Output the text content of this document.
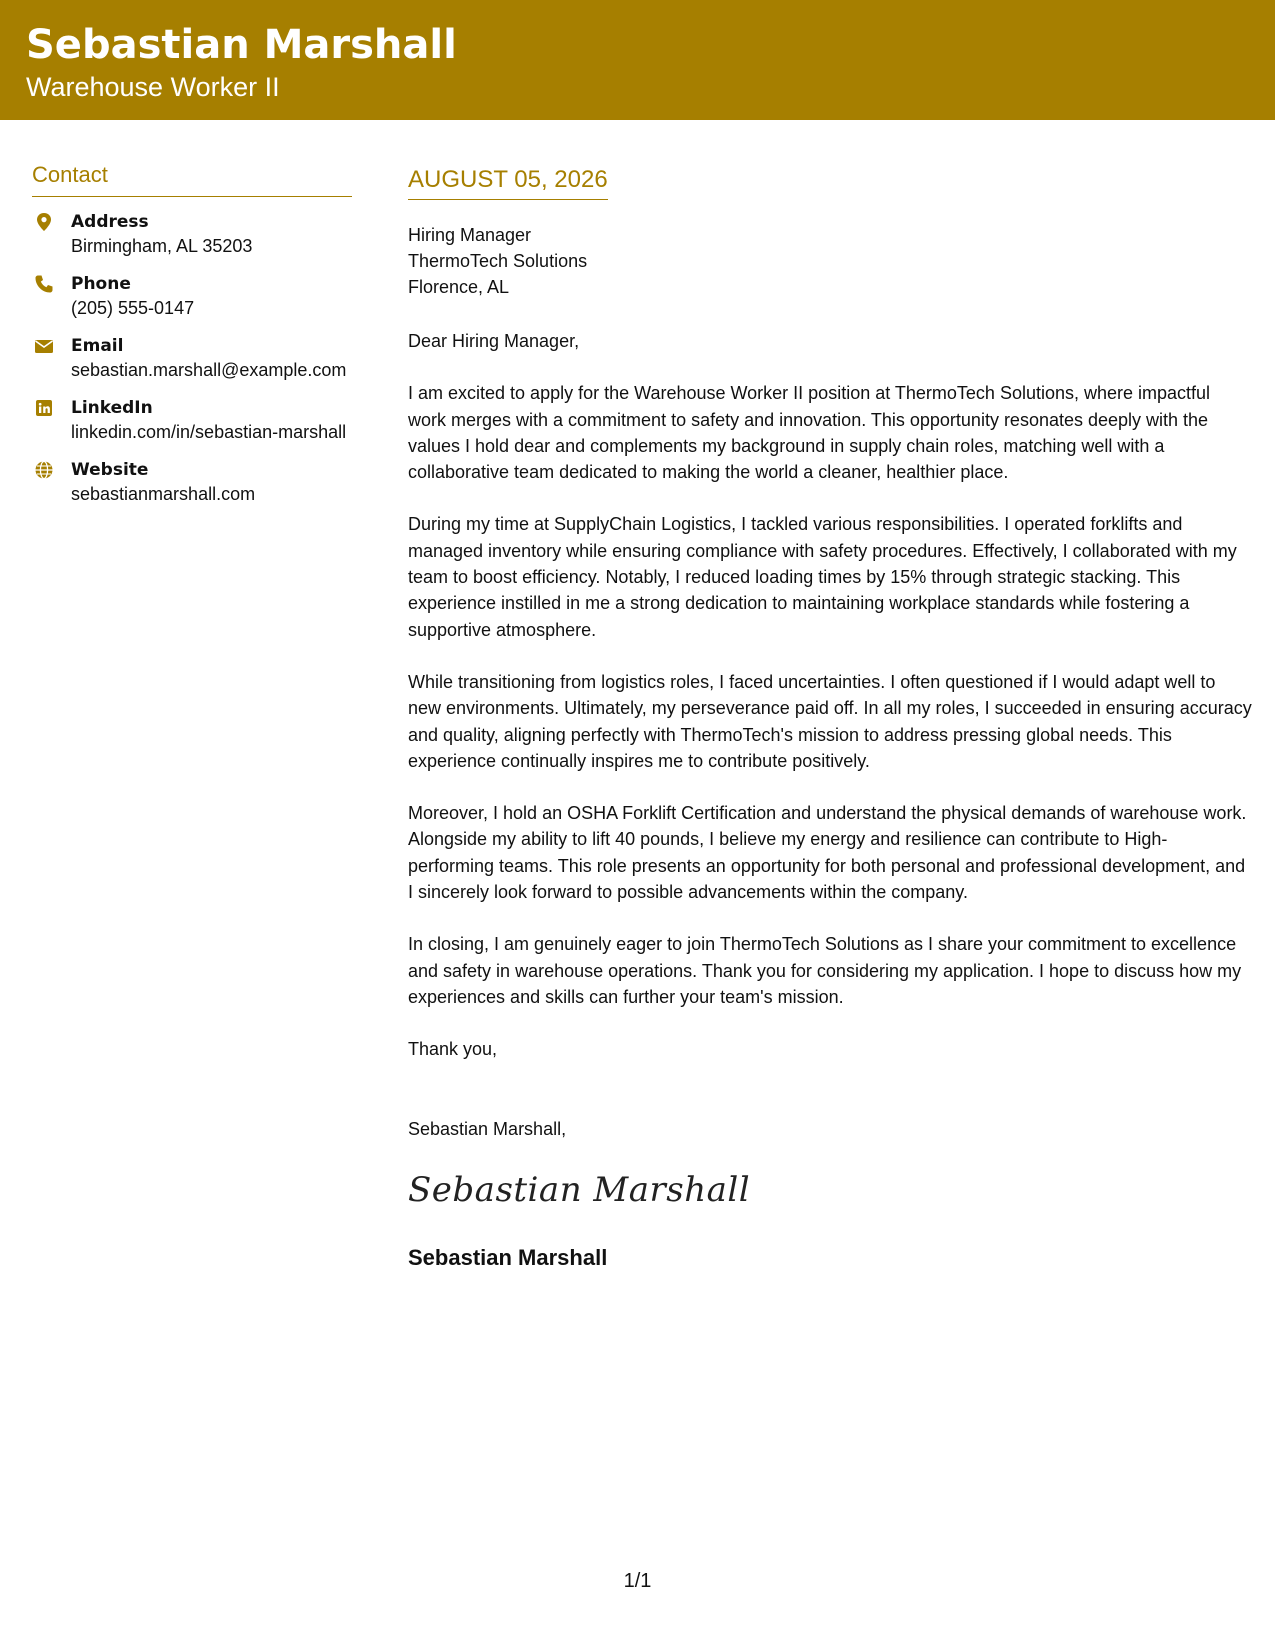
Sebastian Marshall
Warehouse Worker II
Contact
Address
Birmingham, AL 35203
Phone
(205) 555-0147
Email
sebastian.marshall@example.com
LinkedIn
linkedin.com/in/sebastian-marshall
Website
sebastianmarshall.com
AUGUST 05, 2026
Hiring Manager
ThermoTech Solutions
Florence, AL

Dear Hiring Manager,

I am excited to apply for the Warehouse Worker II position at ThermoTech Solutions, where impactful work merges with a commitment to safety and innovation. This opportunity resonates deeply with the values I hold dear and complements my background in supply chain roles, matching well with a collaborative team dedicated to making the world a cleaner, healthier place.

During my time at SupplyChain Logistics, I tackled various responsibilities. I operated forklifts and managed inventory while ensuring compliance with safety procedures. Effectively, I collaborated with my team to boost efficiency. Notably, I reduced loading times by 15% through strategic stacking. This experience instilled in me a strong dedication to maintaining workplace standards while fostering a supportive atmosphere.

While transitioning from logistics roles, I faced uncertainties. I often questioned if I would adapt well to new environments. Ultimately, my perseverance paid off. In all my roles, I succeeded in ensuring accuracy and quality, aligning perfectly with ThermoTech's mission to address pressing global needs. This experience continually inspires me to contribute positively.

Moreover, I hold an OSHA Forklift Certification and understand the physical demands of warehouse work. Alongside my ability to lift 40 pounds, I believe my energy and resilience can contribute to High-performing teams. This role presents an opportunity for both personal and professional development, and I sincerely look forward to possible advancements within the company.

In closing, I am genuinely eager to join ThermoTech Solutions as I share your commitment to excellence and safety in warehouse operations. Thank you for considering my application. I hope to discuss how my experiences and skills can further your team's mission.

Thank you,
Sebastian Marshall,
Sebastian Marshall
Sebastian Marshall
1/1
